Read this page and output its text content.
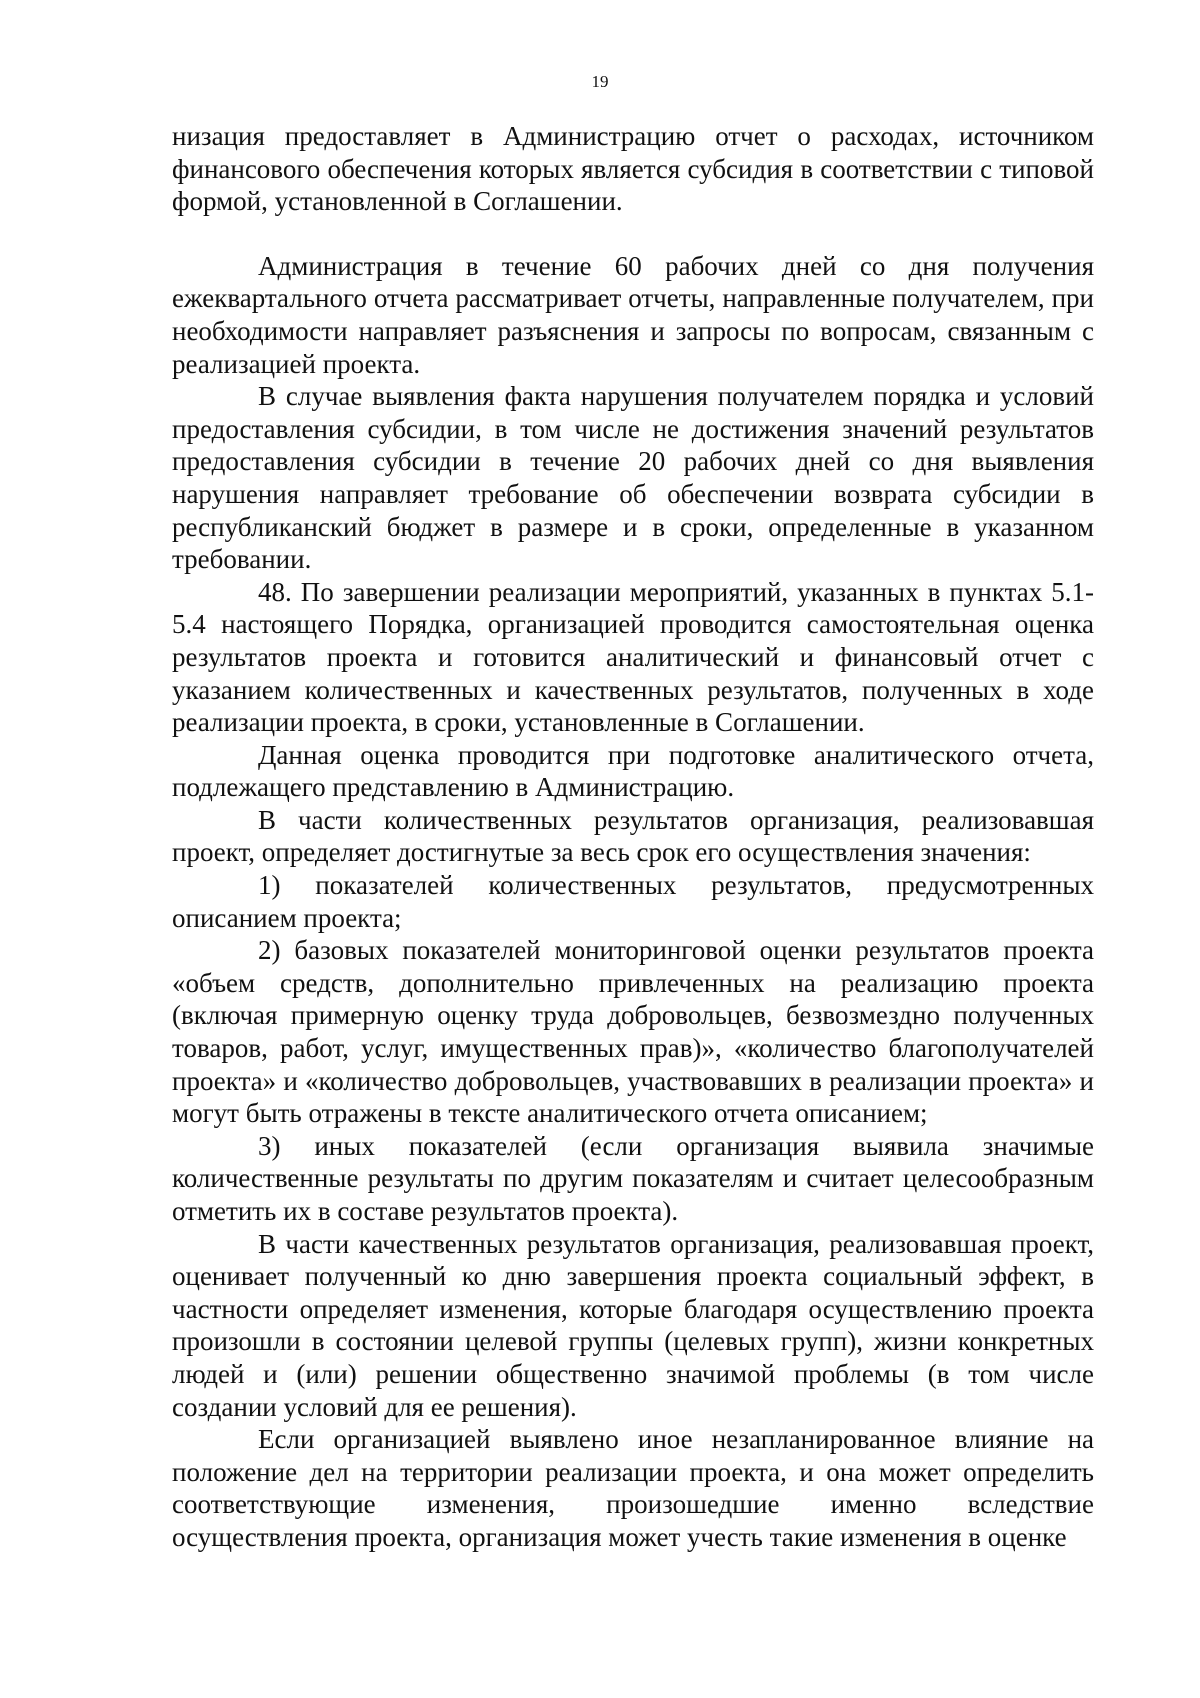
19

низация предоставляет в Администрацию отчет о расходах, источником финансового обеспечения которых является субсидия в соответствии с типовой формой, установленной в Соглашении.

Администрация в течение 60 рабочих дней со дня получения ежеквартального отчета рассматривает отчеты, направленные получателем, при необходимости направляет разъяснения и запросы по вопросам, связанным с реализацией проекта.

В случае выявления факта нарушения получателем порядка и условий предоставления субсидии, в том числе не достижения значений результатов предоставления субсидии в течение 20 рабочих дней со дня выявления нарушения направляет требование об обеспечении возврата субсидии в республиканский бюджет в размере и в сроки, определенные в указанном требовании.

48. По завершении реализации мероприятий, указанных в пунктах 5.1-5.4 настоящего Порядка, организацией проводится самостоятельная оценка результатов проекта и готовится аналитический и финансовый отчет с указанием количественных и качественных результатов, полученных в ходе реализации проекта, в сроки, установленные в Соглашении.

Данная оценка проводится при подготовке аналитического отчета, подлежащего представлению в Администрацию.

В части количественных результатов организация, реализовавшая проект, определяет достигнутые за весь срок его осуществления значения:

1) показателей количественных результатов, предусмотренных описанием проекта;

2) базовых показателей мониторинговой оценки результатов проекта «объем средств, дополнительно привлеченных на реализацию проекта (включая примерную оценку труда добровольцев, безвозмездно полученных товаров, работ, услуг, имущественных прав)», «количество благополучателей проекта» и «количество добровольцев, участвовавших в реализации проекта» и могут быть отражены в тексте аналитического отчета описанием;

3) иных показателей (если организация выявила значимые количественные результаты по другим показателям и считает целесообразным отметить их в составе результатов проекта).

В части качественных результатов организация, реализовавшая проект, оценивает полученный ко дню завершения проекта социальный эффект, в частности определяет изменения, которые благодаря осуществлению проекта произошли в состоянии целевой группы (целевых групп), жизни конкретных людей и (или) решении общественно значимой проблемы (в том числе создании условий для ее решения).

Если организацией выявлено иное незапланированное влияние на положение дел на территории реализации проекта, и она может определить соответствующие изменения, произошедшие именно вследствие осуществления проекта, организация может учесть такие изменения в оценке
